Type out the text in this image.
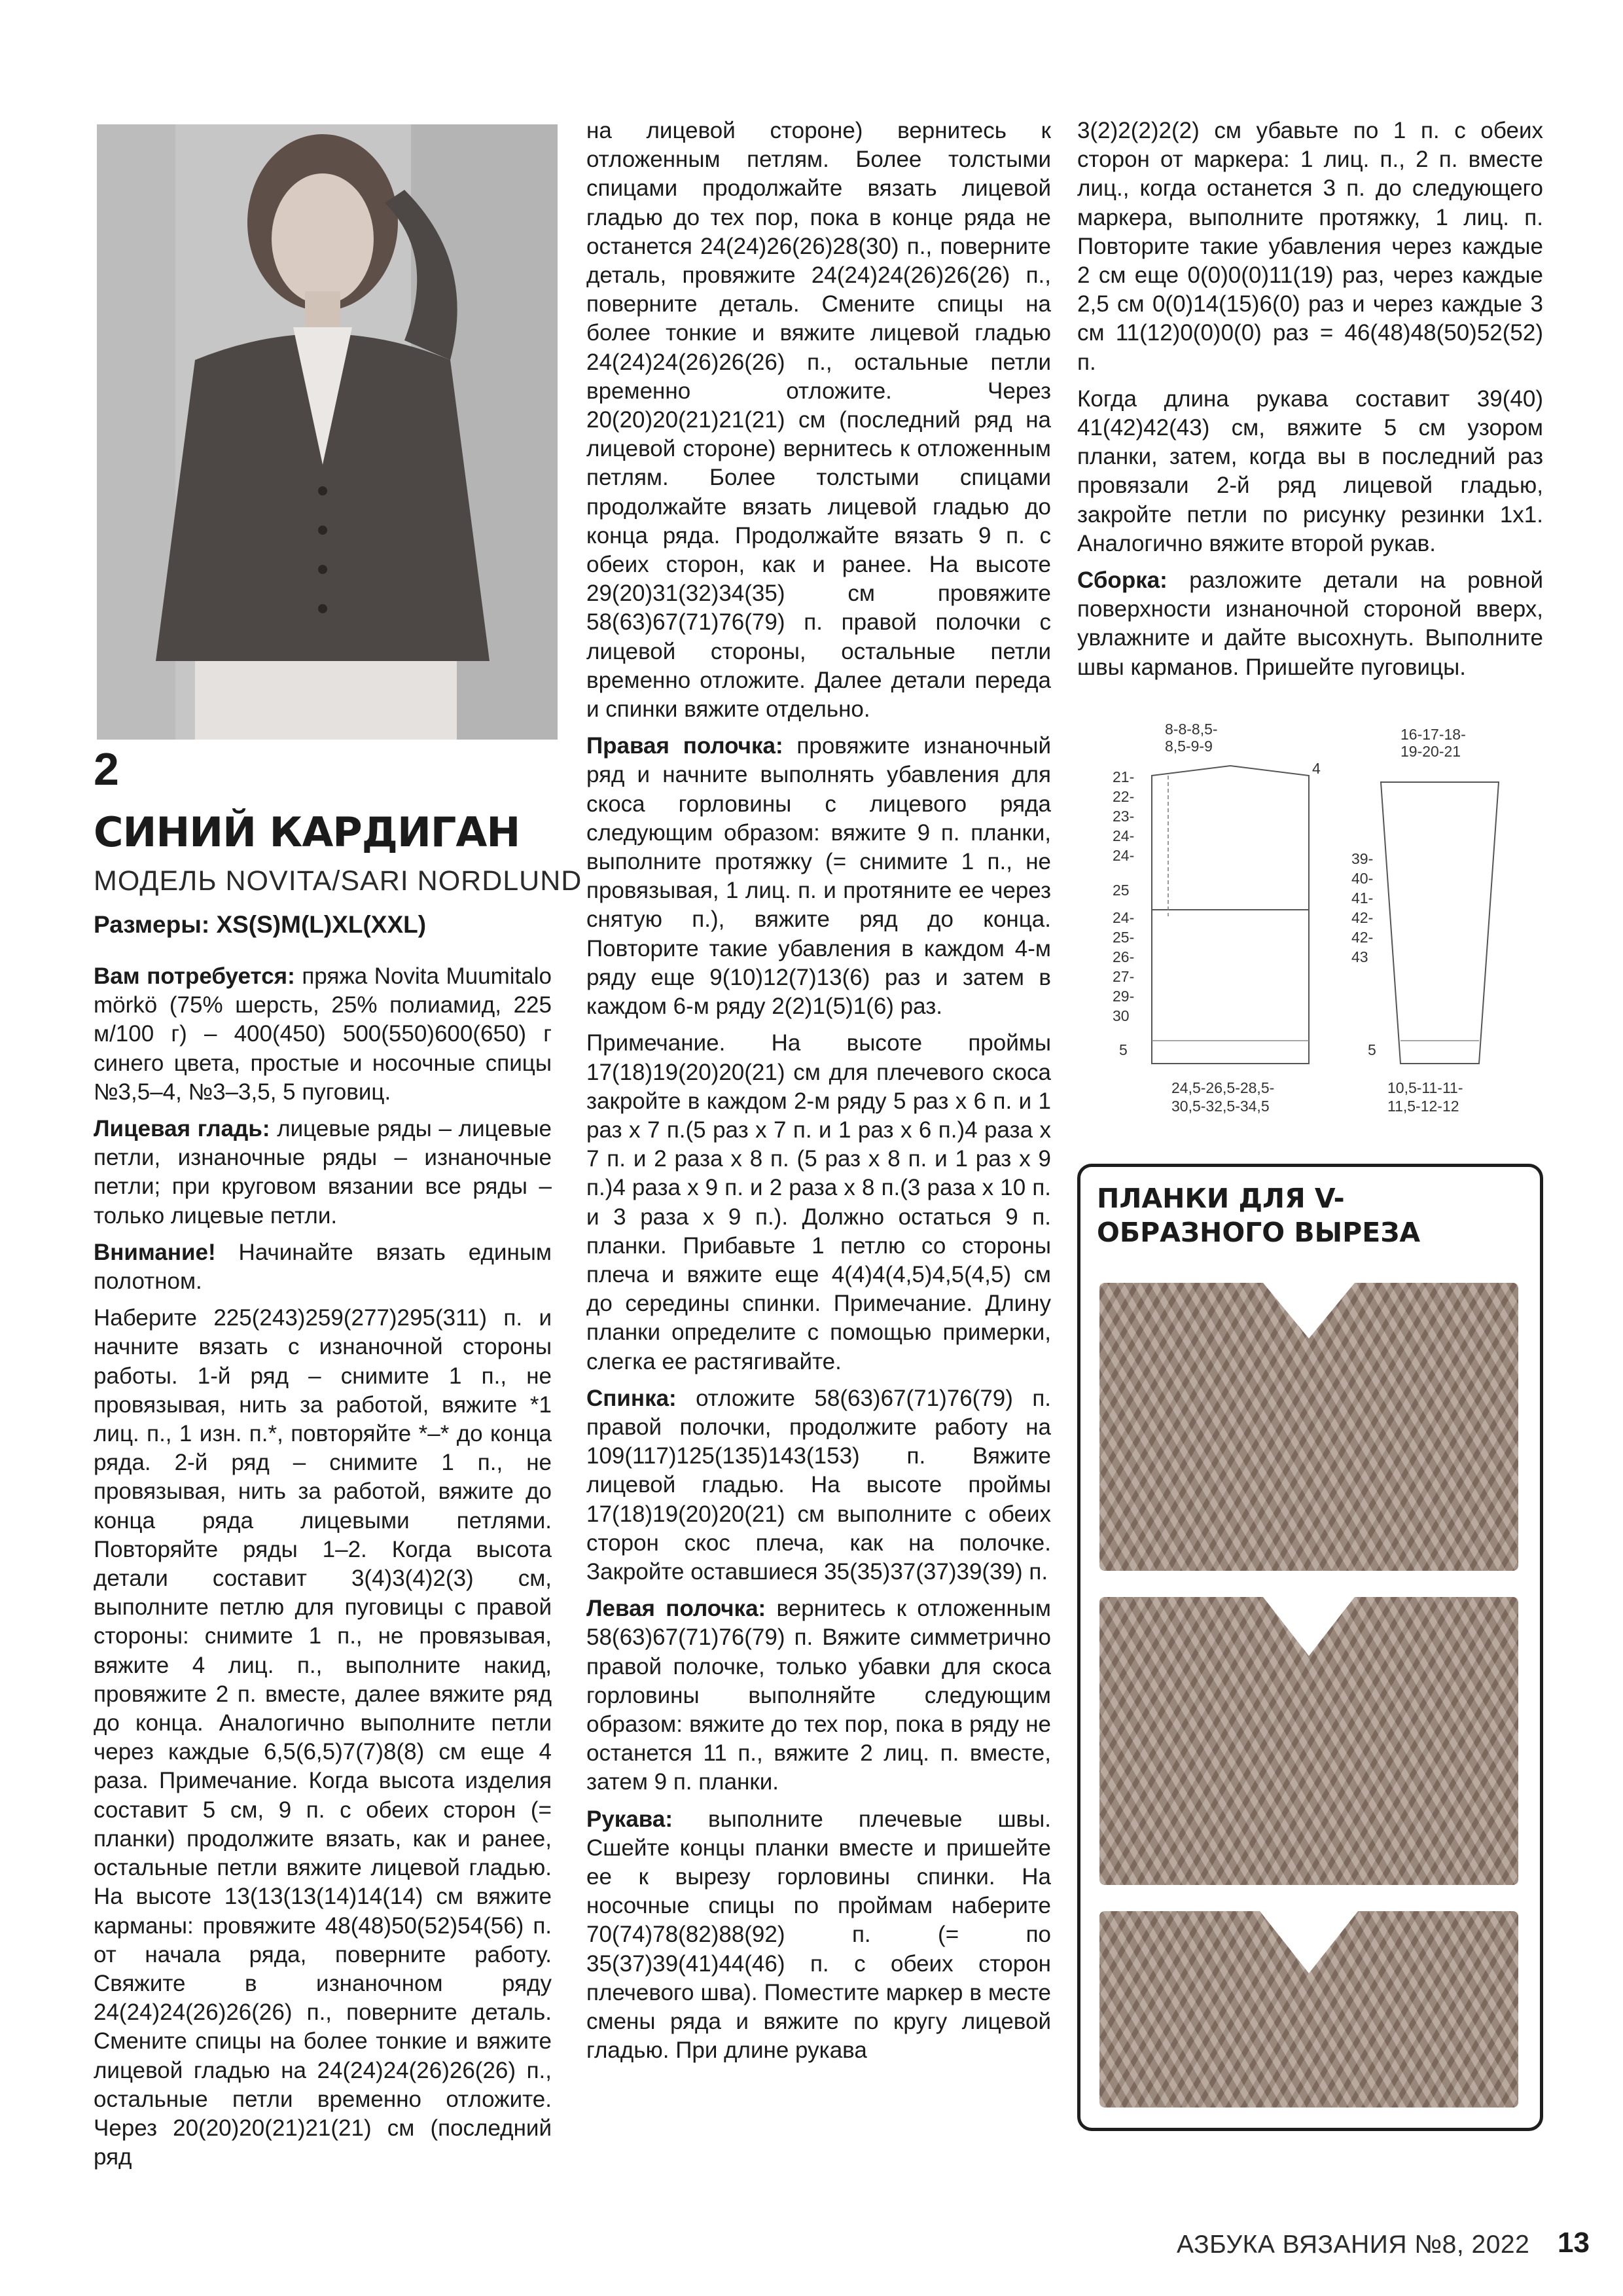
2
СИНИЙ КАРДИГАН
МОДЕЛЬ NOVITA/SARI NORDLUND
Размеры: XS(S)M(L)XL(XXL)

Вам потребуется: пряжа Novita Muumitalo mörkö (75% шерсть, 25% полиамид, 225 м/100 г) – 400(450) 500(550)600(650) г синего цвета, простые и носочные спицы №3,5–4, №3–3,5, 5 пуговиц.

Лицевая гладь: лицевые ряды – лицевые петли, изнаночные ряды – изнаночные петли; при круговом вязании все ряды – только лицевые петли.

Внимание! Начинайте вязать единым полотном.

Наберите 225(243)259(277)295(311) п. и начните вязать с изнаночной стороны работы. 1-й ряд – снимите 1 п., не провязывая, нить за работой, вяжите *1 лиц. п., 1 изн. п.*, повторяйте *–* до конца ряда. 2-й ряд – снимите 1 п., не провязывая, нить за работой, вяжите до конца ряда лицевыми петлями. Повторяйте ряды 1–2. Когда высота детали составит 3(4)3(4)2(3) см, выполните петлю для пуговицы с правой стороны: снимите 1 п., не провязывая, вяжите 4 лиц. п., выполните накид, провяжите 2 п. вместе, далее вяжите ряд до конца. Аналогично выполните петли через каждые 6,5(6,5)7(7)8(8) см еще 4 раза. Примечание. Когда высота изделия составит 5 см, 9 п. с обеих сторон (= планки) продолжите вязать, как и ранее, остальные петли вяжите лицевой гладью. На высоте 13(13(13(14)14(14) см вяжите карманы: провяжите 48(48)50(52)54(56) п. от начала ряда, поверните работу. Свяжите в изнаночном ряду 24(24)24(26)26(26) п., поверните деталь. Смените спицы на более тонкие и вяжите лицевой гладью на 24(24)24(26)26(26) п., остальные петли временно отложите. Через 20(20)20(21)21(21) см (последний ряд

на лицевой стороне) вернитесь к отложенным петлям. Более толстыми спицами продолжайте вязать лицевой гладью до тех пор, пока в конце ряда не останется 24(24)26(26)28(30) п., поверните деталь, провяжите 24(24)24(26)26(26) п., поверните деталь. Смените спицы на более тонкие и вяжите лицевой гладью 24(24)24(26)26(26) п., остальные петли временно отложите. Через 20(20)20(21)21(21) см (последний ряд на лицевой стороне) вернитесь к отложенным петлям. Более толстыми спицами продолжайте вязать лицевой гладью до конца ряда. Продолжайте вязать 9 п. с обеих сторон, как и ранее. На высоте 29(20)31(32)34(35) см провяжите 58(63)67(71)76(79) п. правой полочки с лицевой стороны, остальные петли временно отложите. Далее детали переда и спинки вяжите отдельно.

Правая полочка: провяжите изнаночный ряд и начните выполнять убавления для скоса горловины с лицевого ряда следующим образом: вяжите 9 п. планки, выполните протяжку (= снимите 1 п., не провязывая, 1 лиц. п. и протяните ее через снятую п.), вяжите ряд до конца. Повторите такие убавления в каждом 4-м ряду еще 9(10)12(7)13(6) раз и затем в каждом 6-м ряду 2(2)1(5)1(6) раз.

Примечание. На высоте проймы 17(18)19(20)20(21) см для плечевого скоса закройте в каждом 2-м ряду 5 раз х 6 п. и 1 раз х 7 п.(5 раз х 7 п. и 1 раз х 6 п.)4 раза х 7 п. и 2 раза х 8 п. (5 раз х 8 п. и 1 раз х 9 п.)4 раза х 9 п. и 2 раза х 8 п.(3 раза х 10 п. и 3 раза х 9 п.). Должно остаться 9 п. планки. Прибавьте 1 петлю со стороны плеча и вяжите еще 4(4)4(4,5)4,5(4,5) см до середины спинки. Примечание. Длину планки определите с помощью примерки, слегка ее растягивайте.

Спинка: отложите 58(63)67(71)76(79) п. правой полочки, продолжите работу на 109(117)125(135)143(153) п. Вяжите лицевой гладью. На высоте проймы 17(18)19(20)20(21) см выполните с обеих сторон скос плеча, как на полочке. Закройте оставшиеся 35(35)37(37)39(39) п.

Левая полочка: вернитесь к отложенным 58(63)67(71)76(79) п. Вяжите симметрично правой полочке, только убавки для скоса горловины выполняйте следующим образом: вяжите до тех пор, пока в ряду не останется 11 п., вяжите 2 лиц. п. вместе, затем 9 п. планки.

Рукава: выполните плечевые швы. Сшейте концы планки вместе и пришейте ее к вырезу горловины спинки. На носочные спицы по проймам наберите 70(74)78(82)88(92) п. (= по 35(37)39(41)44(46) п. с обеих сторон плечевого шва). Поместите маркер в месте смены ряда и вяжите по кругу лицевой гладью. При длине рукава

3(2)2(2)2(2) см убавьте по 1 п. с обеих сторон от маркера: 1 лиц. п., 2 п. вместе лиц., когда останется 3 п. до следующего маркера, выполните протяжку, 1 лиц. п. Повторите такие убавления через каждые 2 см еще 0(0)0(0)11(19) раз, через каждые 2,5 см 0(0)14(15)6(0) раз и через каждые 3 см 11(12)0(0)0(0) раз = 46(48)48(50)52(52) п.

Когда длина рукава составит 39(40) 41(42)42(43) см, вяжите 5 см узором планки, затем, когда вы в последний раз провязали 2-й ряд лицевой гладью, закройте петли по рисунку резинки 1х1. Аналогично вяжите второй рукав.

Сборка: разложите детали на ровной поверхности изнаночной стороной вверх, увлажните и дайте высохнуть. Выполните швы карманов. Пришейте пуговицы.

8-8-8,5-
8,5-9-9
4
21-
22-
23-
24-
24-
25
24-
25-
26-
27-
29-
30
5
24,5-26,5-28,5-
30,5-32,5-34,5
16-17-18-
19-20-21
39-
40-
41-
42-
42-
43
5
10,5-11-11-
11,5-12-12
ПЛАНКИ ДЛЯ V-ОБРАЗНОГО ВЫРЕЗА
АЗБУКА ВЯЗАНИЯ №8, 2022 13
